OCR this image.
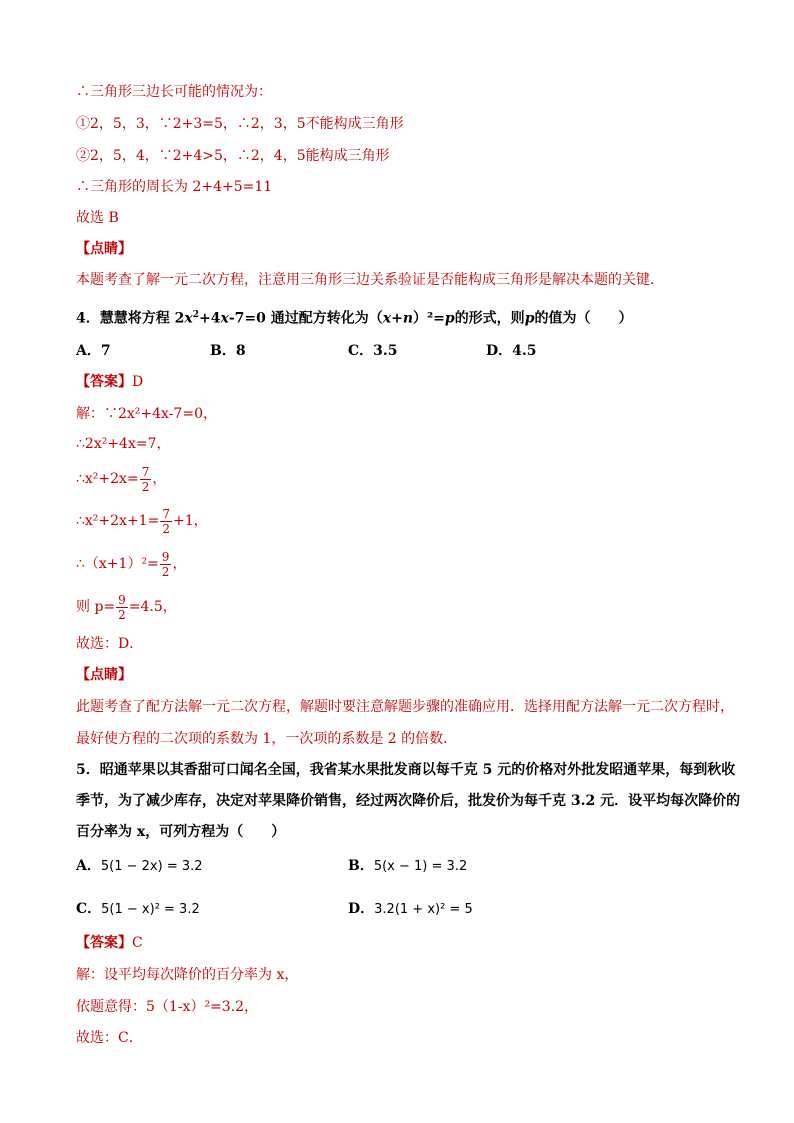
∴三角形三边长可能的情况为：
①2，5，3，∵2+3=5，∴2，3，5不能构成三角形
②2，5，4，∵2+4>5，∴2，4，5能构成三角形
∴三角形的周长为 2+4+5=11
故选 B
【点睛】
本题考查了解一元二次方程，注意用三角形三边关系验证是否能构成三角形是解决本题的关键．
4．慧慧将方程 $2x^2+4x-7=0$ 通过配方转化为（x+n）²=p的形式，则p的值为（　　）
A．7	B．8	C．3.5	D．4.5
【答案】D
解：∵2x²+4x-7=0，
∴2x²+4x=7，
∴x²+2x= $\frac{7}{2}$ ，
∴x²+2x+1= $\frac{7}{2} +1$，
∴（x+1）²= $\frac{9}{2}$ ，
则 $p= \frac{9}{2} =4.5$，
故选：D．
【点睛】
此题考查了配方法解一元二次方程，解题时要注意解题步骤的准确应用．选择用配方法解一元二次方程时，
最好使方程的二次项的系数为 1，一次项的系数是 2 的倍数．
5．昭通苹果以其香甜可口闻名全国，我省某水果批发商以每千克 5 元的价格对外批发昭通苹果，每到秋收
季节，为了减少库存，决定对苹果降价销售，经过两次降价后，批发价为每千克 3.2 元．设平均每次降价的
百分率为 x，可列方程为（　　）
A．5(1 − 2x) = 3.2	B．5(x − 1) = 3.2
C．5(1 − x)² = 3.2	D．3.2(1 + x)² = 5
【答案】C
解：设平均每次降价的百分率为 x，
依题意得：5（1-x）²=3.2，
故选：C．
